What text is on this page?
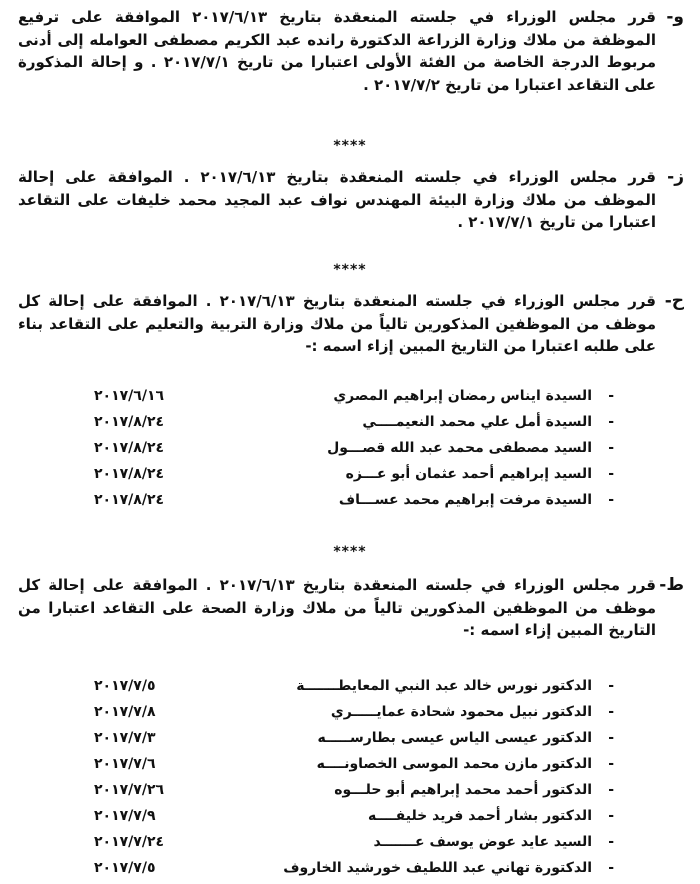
و-
قرر مجلس الوزراء في جلسته المنعقدة بتاريخ ٢٠١٧/٦/١٣ الموافقة على ترفيع الموظفة من ملاك وزارة الزراعة الدكتورة رانده عبد الكريم مصطفى العوامله إلى أدنى مربوط الدرجة الخاصة من الفئة الأولى اعتبارا من تاريخ ٢٠١٧/٧/١ . و إحالة المذكورة على التقاعد اعتبارا من تاريخ ٢٠١٧/٧/٢ .

****

ز-
قرر مجلس الوزراء في جلسته المنعقدة بتاريخ ٢٠١٧/٦/١٣ . الموافقة على إحالة الموظف من ملاك وزارة البيئة المهندس نواف عبد المجيد محمد خليفات على التقاعد اعتبارا من تاريخ ٢٠١٧/٧/١ .

****

ح-
قرر مجلس الوزراء في جلسته المنعقدة بتاريخ ٢٠١٧/٦/١٣ . الموافقة على إحالة كل موظف من الموظفين المذكورين تالياً من ملاك وزارة التربية والتعليم على التقاعد بناء على طلبه اعتبارا من التاريخ المبين إزاء اسمه :-

-
السيدة ايناس رمضان إبراهيم المصري
٢٠١٧/٦/١٦
-
السيدة أمل علي محمد النعيمــــي
٢٠١٧/٨/٢٤
-
السيد مصطفى محمد عبد الله قصـــول
٢٠١٧/٨/٢٤
-
السيد إبراهيم أحمد عثمان أبو عـــزه
٢٠١٧/٨/٢٤
-
السيدة مرفت إبراهيم محمد عســـاف
٢٠١٧/٨/٢٤
****

ط-
قرر مجلس الوزراء في جلسته المنعقدة بتاريخ ٢٠١٧/٦/١٣ . الموافقة على إحالة كل موظف من الموظفين المذكورين تالياً من ملاك وزارة الصحة على التقاعد اعتبارا من التاريخ المبين إزاء اسمه :-

-
الدكتور نورس خالد عبد النبي المعايطـــــــة
٢٠١٧/٧/٥
-
الدكتور نبيل محمود شحادة عمايـــــري
٢٠١٧/٧/٨
-
الدكتور عيسى الياس عيسى بطارســـــه
٢٠١٧/٧/٣
-
الدكتور مازن محمد الموسى الخصاونــــه
٢٠١٧/٧/٦
-
الدكتور أحمد محمد إبراهيم أبو حلـــوه
٢٠١٧/٧/٢٦
-
الدكتور بشار أحمد فريد خليفــــه
٢٠١٧/٧/٩
-
السيد عايد عوض يوسف عـــــــد
٢٠١٧/٧/٢٤
-
الدكتورة تهاني عبد اللطيف خورشيد الخاروف
٢٠١٧/٧/٥
